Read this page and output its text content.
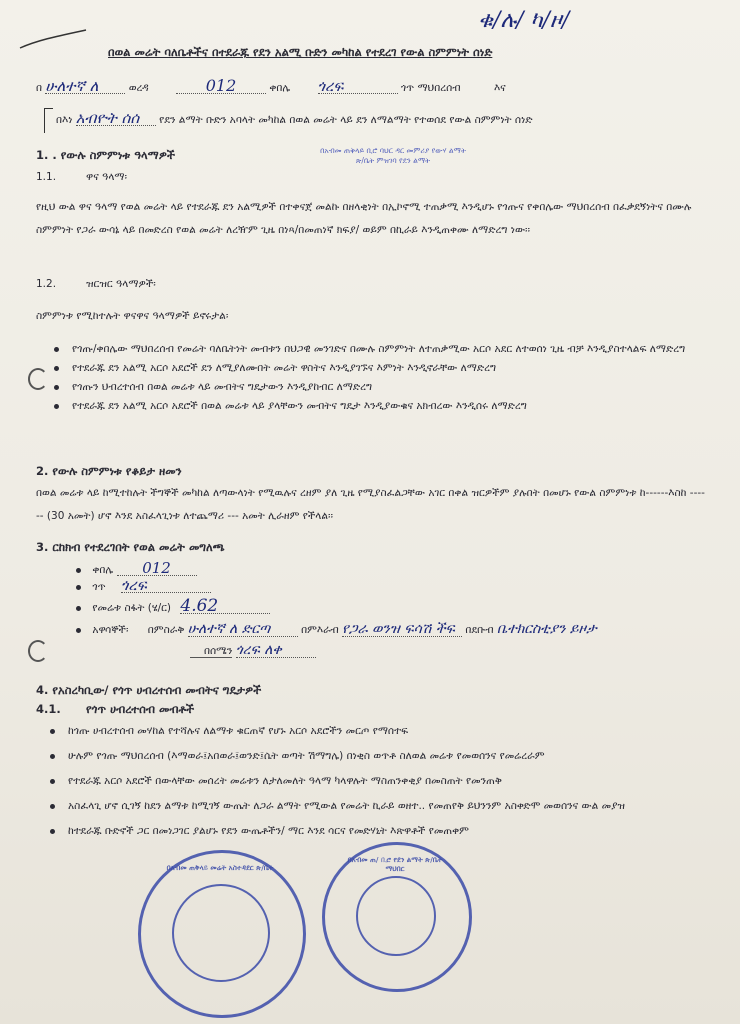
ቁ/ሉ/ ካ/ዞ/
በወል መሬት ባለቤቶችና በተደራጁ የደን አልሚ ቡድን መካከል የተደረገ የውል ስምምነት ሰነድ
በ ሁለተኛ ለ	ወረዳ	012	ቀበሌ ጎረፍ	ጎጥ ማህበረሰብ	እና
በእነ አብዮት ሰሰ የደን ልማት ቡድን አባላት መካከል በወል መሬት ላይ ደን ለማልማት የተወሰደ የውል ስምምነት ሰነድ
በአብመ ጠቅላይ ቢሮ ባህር ዳር መምሪያ የውሃ ልማት ጽ/ቤት ምዝገባ የደን ልማት
1. . የውሉ ስምምነቱ ዓላማዎች
1.1.	ዋና ዓላማ፡
የዚህ ውል ዋና ዓላማ የወል መሬት ላይ የተደራጁ ደን አልሚዎች በተቀናጀ መልኩ በዘላቂነት በኢኮኖሚ ተጠቃሚ እንዲሆኑ የጎጡና የቀበሌው ማህበረሰብ በፈቃደኝነትና በሙሉ ስምምነት የጋራ ውሳኔ ላይ በመድረስ የወል መሬት ለረዥም ጊዜ በነጻ/በመጠነኛ ክፍያ/ ወይም በኪራይ እንዲጠቀሙ ለማድረግ ነው፡፡
1.2.	ዝርዝር ዓላማዎች፡
ስምምነቱ የሚከተሉት ዋናዋና ዓላማዎች ይኖሩታል፡
የጎጡ/ቀበሌው ማህበረሰብ የመሬት ባለቤትነት መብቱን በህጋዊ መንገድና በሙሉ ስምምነት ለተጠቃሚው አርሶ አደር ለተወሰነ ጊዜ ብቻ እንዲያስተላልፍ ለማድረግ
የተደራጁ ደን አልሚ አርሶ አደሮች ደን ለሚያለሙበት መሬት ዋስትና እንዲያገኙና እምነት እንዲኖራቸው ለማድረግ
የጎጡን ህብረተሰብ በወል መሬቱ ላይ መብትና ግዴታውን እንዲያከብር ለማድረግ
የተደራጁ ደን አልሚ አርሶ አደሮች በወል መሬቱ ላይ ያላቸውን መብትና ግዴታ እንዲያውቁና አክብረው እንዲሰሩ ለማድረግ
2. የውሉ ስምምነቱ የቆይታ ዘመን
በወል መሬቱ ላይ ከሚተከሉት ችግኞች መካከል ለጣውላነት የሚዉሉና ረዘም ያለ ጊዜ የሚያስፈልጋቸው አገር በቀል ዝርዎችም ያሉበት በመሆኑ የውል ስምምነቱ ከ------እስከ ------ (30 አመት) ሆኖ እንደ አስፈላጊነቱ ለተጨማሪ --- አመት ሊራዘም የችላል፡፡
3. ርከክብ የተደረገበት የወል መሬት መግለጫ
ቀበሌ 012
ጎጥ ጎረፍ
የመሬቱ ስፋት (ሄ/ር) 4.62
አዋሳኞች፡ በምስራቅ ሁለተኛ ለ ድርጣ	በምእራብ የጋራ ወንዝ ፍሳሽ ችፍ በደቡብ ቤተክርስቲያን ይዞታ
በሰሜን ጎረፍ ለቀ
4. የአስረካቢው/ የጎጥ ሀብረተሰብ መብትና ግዴታዎች
4.1. የጎጥ ሀብረተሰብ መብቶች
ከጎጡ ሀብረተሰብ መሃከል የተሻሉና ለልማቱ ቁርጠኛ የሆኑ አርሶ አደሮችን መርጦ የማሰተፍ
ሁሉም የጎጡ ማህበረሰብ (እማወራ፤አበወራ፤ወንድ፤ሴት ወጣት ሽማግሌ) በነቂስ ወጥቶ ስለወል መሬቱ የመወሰንና የመሬረራም
የተደራጁ አርሶ አደሮች በውላቸው መሰረት መሬቱን ለታለመለት ዓላማ ካላዋሉት ማስጠንቀቂያ በመስጠት የመንጠቅ
አስፈላጊ ሆኖ ሲገኝ ከደን ልማቱ ከሚገኝ ውጤት ለጋራ ልማት የሚውል የመሬት ኪራይ ወዘተ.. የመጠየቅ ይህንንም አስቀድሞ መወሰንና ውል መያዝ
ከተደራጁ ቡድኖች ጋር በመነጋገር ያልሆኑ የደን ውጤቶችን/ ማር እንደ ሳርና የመድሃኒት እጽዋቶች የመጠቀም
በአብመ ጠቅላይ መሬት አስተዳደር ጽ/ቤት
በአብመ ጠ/ ቢሮ የደን ልማት ጽ/ቤት ማህበር
